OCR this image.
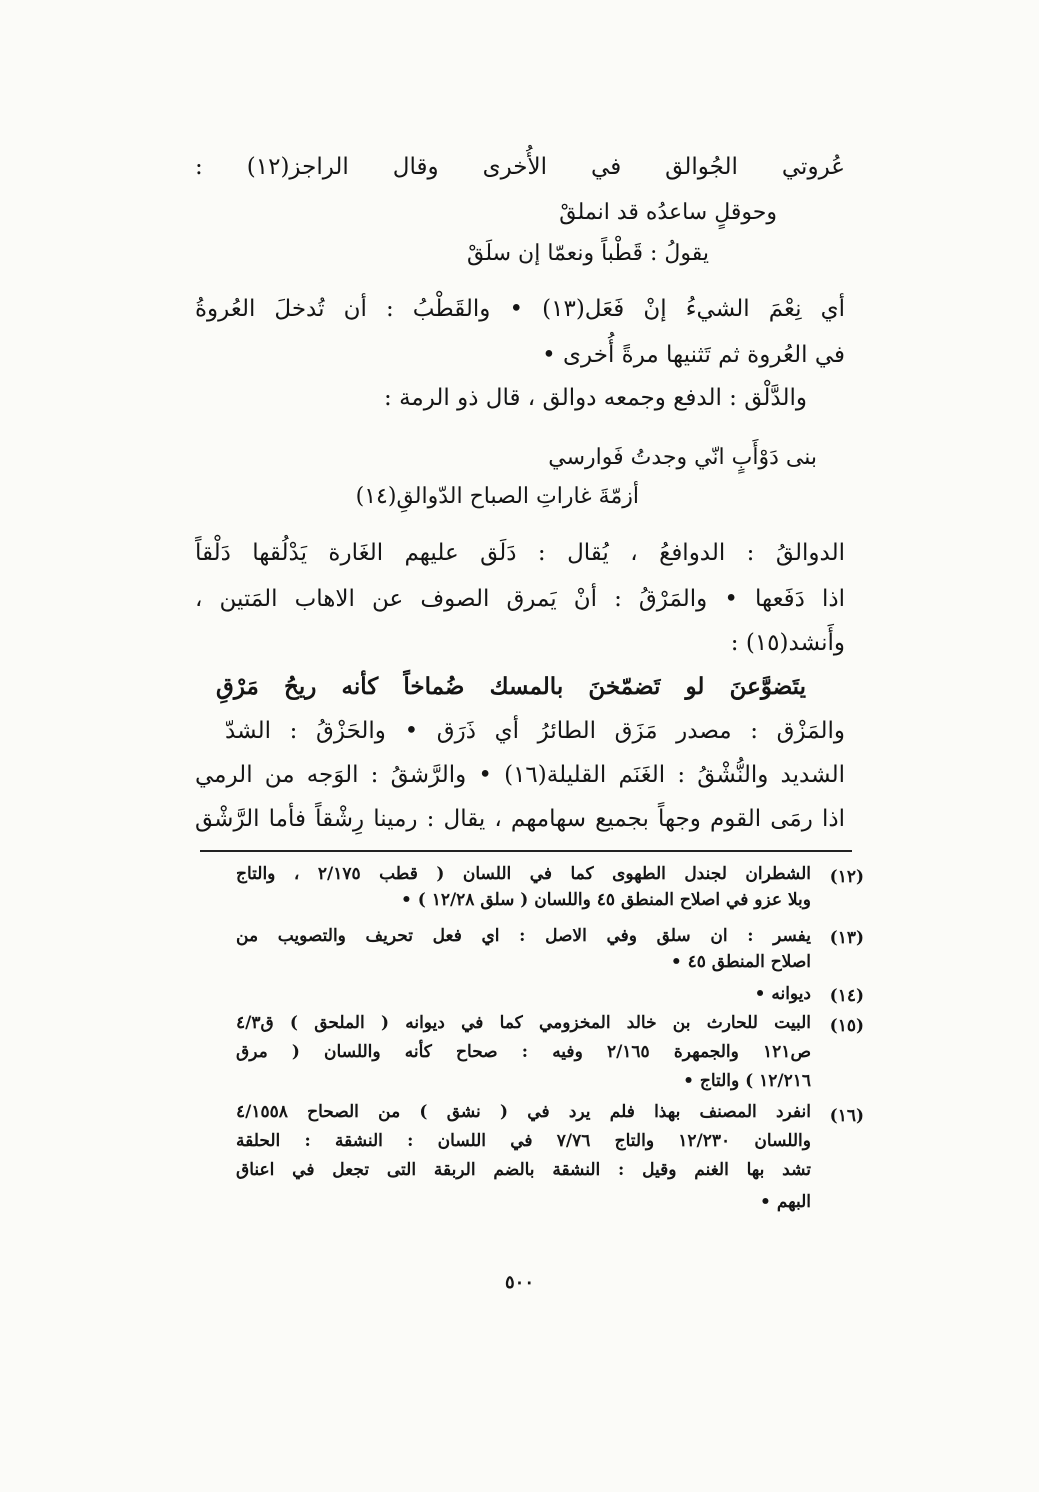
عُروتي الجُوالق في الأُخرى وقال الراجز(١٢) :
وحوقلٍ ساعدُه قد انملقْ
يقولُ : قَطْباً ونعمّا إن سلَقْ
أي نِعْمَ الشيءُ إنْ فَعَل(١٣) • والقَطْبُ : أن تُدخلَ العُروةُ
في العُروة ثم تَثنيها مرةً أُخرى •
والدَّلْق : الدفع وجمعه دوالق ، قال ذو الرمة :
بنى دَوْأَبٍ انّي وجدتُ فَوارسي
أزمّةَ غاراتِ الصباح الدّوالقِ(١٤)
الدوالقُ : الدوافعُ ، يُقال : دَلَق عليهم الغَارة يَدْلُقها دَلْقاً
اذا دَفَعها • والمَرْقُ : أنْ يَمرق الصوف عن الاهاب المَتين ،
وأَنشد(١٥) :
يتَضوَّعنَ لو تَضمّخنَ بالمسك ضُماخاً كأنه ريحُ مَرْقِ
والمَزْق : مصدر مَزَق الطائرُ أي ذَرَق • والحَزْقُ : الشدّ
الشديد والنُّشْقُ : الغَنَم القليلة(١٦) • والرَّشقُ : الوَجه من الرمي
اذا رمَى القوم وجهاً بجميع سهامهم ، يقال : رمينا رِشْقاً فأما الرَّشْق
(١٢)
الشطران لجندل الطهوى كما في اللسان ( قطب ٢/١٧٥ ، والتاج
وبلا عزو في اصلاح المنطق ٤٥ واللسان ( سلق ١٢/٢٨ ) •
(١٣)
يفسر : ان سلق وفي الاصل : اي فعل تحريف والتصويب من
اصلاح المنطق ٤٥ •
(١٤)
ديوانه •
(١٥)
البيت للحارث بن خالد المخزومي كما في ديوانه ( الملحق ) ق٤/٣
ص١٢١ والجمهرة ٢/١٦٥ وفيه : صحاح كأنه واللسان ( مرق
١٢/٢١٦ ) والتاج •
(١٦)
انفرد المصنف بهذا فلم يرد في ( نشق ) من الصحاح ٤/١٥٥٨
واللسان ١٢/٢٣٠ والتاج ٧/٧٦ في اللسان : النشقة : الحلقة
تشد بها الغنم وقيل : النشقة بالضم الربقة التى تجعل في اعناق
البهم •
٥٠٠
